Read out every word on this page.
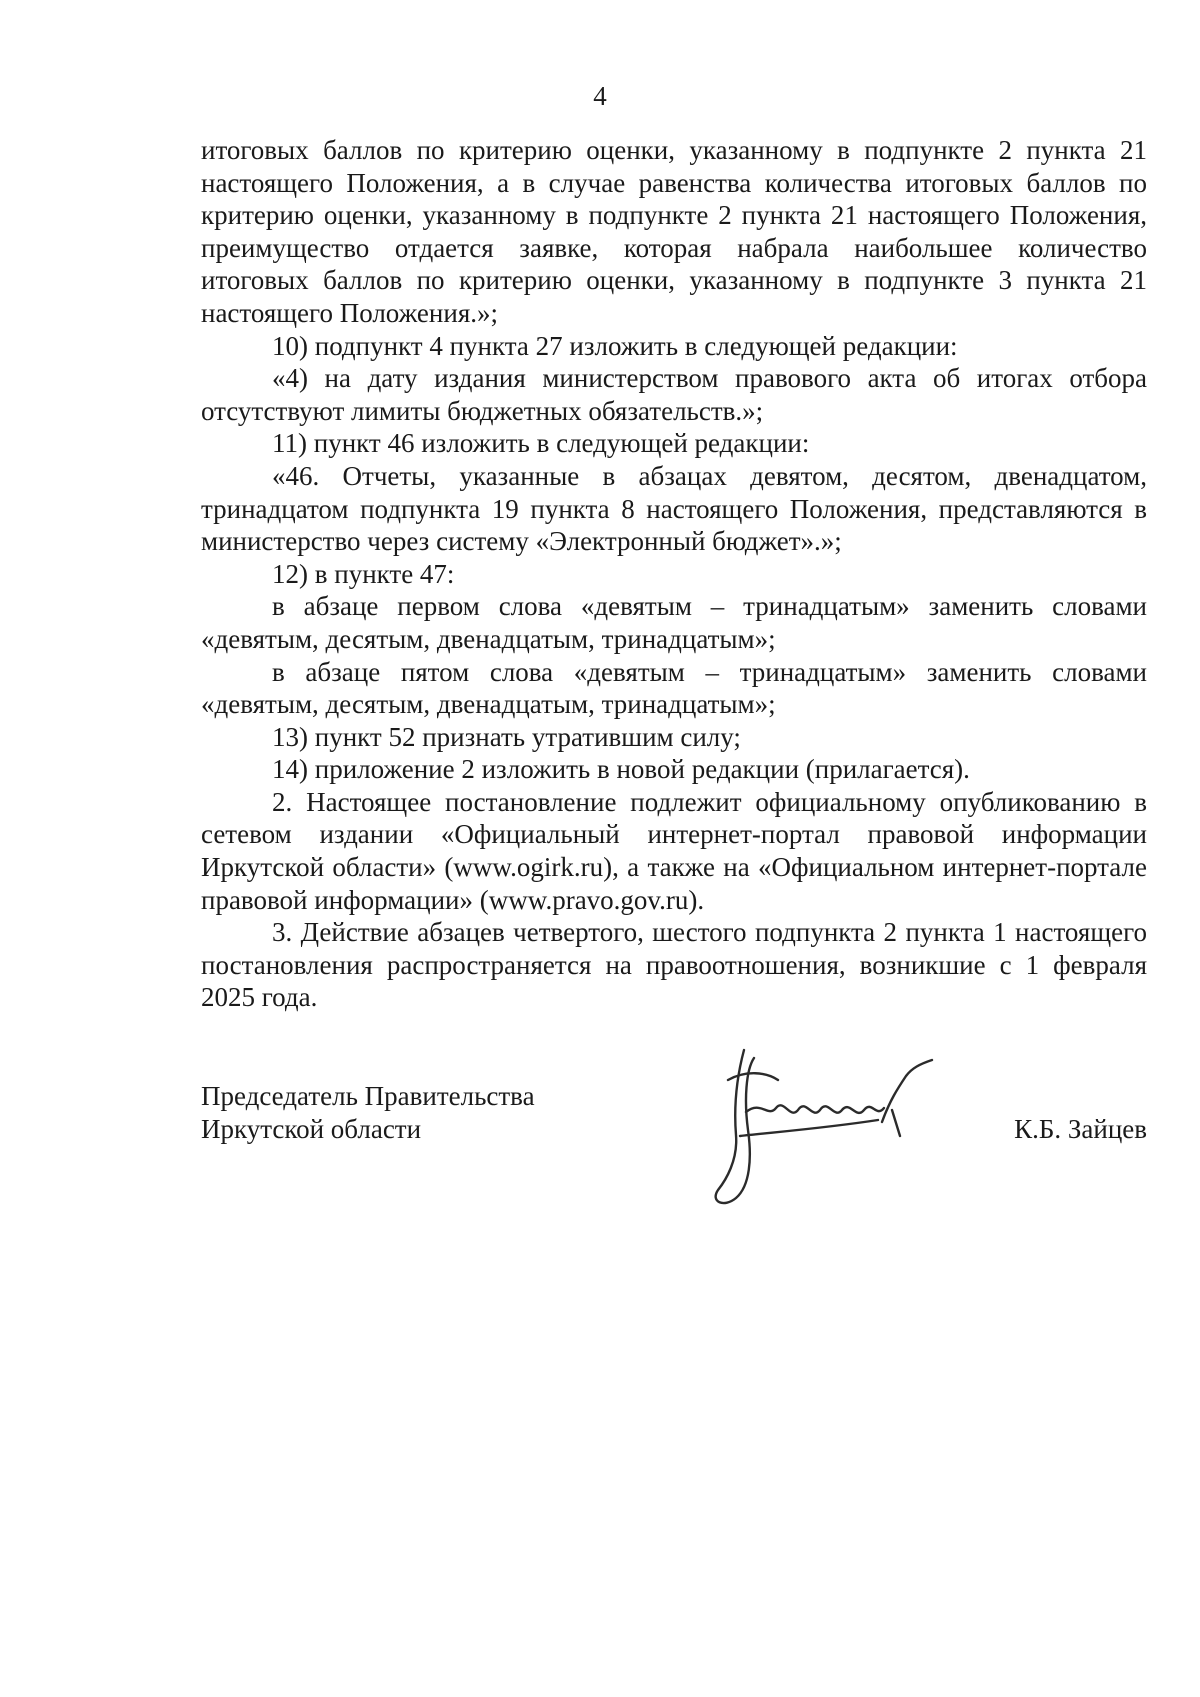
4

итоговых баллов по критерию оценки, указанному в подпункте 2 пункта 21 настоящего Положения, а в случае равенства количества итоговых баллов по критерию оценки, указанному в подпункте 2 пункта 21 настоящего Положения, преимущество отдается заявке, которая набрала наибольшее количество итоговых баллов по критерию оценки, указанному в подпункте 3 пункта 21 настоящего Положения.»;

10) подпункт 4 пункта 27 изложить в следующей редакции:

«4) на дату издания министерством правового акта об итогах отбора отсутствуют лимиты бюджетных обязательств.»;

11) пункт 46 изложить в следующей редакции:

«46. Отчеты, указанные в абзацах девятом, десятом, двенадцатом, тринадцатом подпункта 19 пункта 8 настоящего Положения, представляются в министерство через систему «Электронный бюджет».»;

12) в пункте 47:

в абзаце первом слова «девятым – тринадцатым» заменить словами «девятым, десятым, двенадцатым, тринадцатым»;

в абзаце пятом слова «девятым – тринадцатым» заменить словами «девятым, десятым, двенадцатым, тринадцатым»;

13) пункт 52 признать утратившим силу;

14) приложение 2 изложить в новой редакции (прилагается).

2. Настоящее постановление подлежит официальному опубликованию в сетевом издании «Официальный интернет-портал правовой информации Иркутской области» (www.ogirk.ru), а также на «Официальном интернет-портале правовой информации» (www.pravo.gov.ru).

3. Действие абзацев четвертого, шестого подпункта 2 пункта 1 настоящего постановления распространяется на правоотношения, возникшие с 1 февраля 2025 года.

Председатель Правительства
Иркутской области	К.Б. Зайцев
